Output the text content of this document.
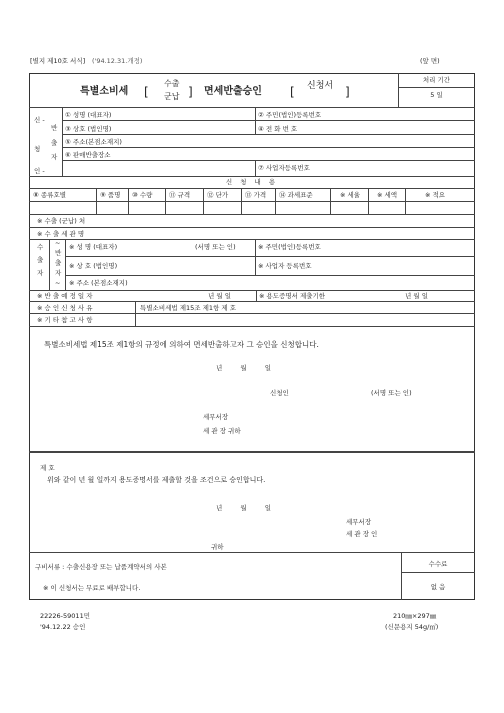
[별지 제10호 서식] ('94.12.31.개정)	(앞 면)
특별소비세 [
수출
군납 ] 면세반출승인 [ 신청서 ]
처리 기간
5 일
신 -
청
인 -
반
출
자
① 성명 (대표자)	② 주민(법인)등록번호
③ 상호 (법인명)	④ 전 화 번 호
⑤ 주소(본점소재지)
⑥ 판매반출장소
⑦ 사업자등록번호
신 청 내 용
⑧ 종류호별	⑨ 품명 ⑩ 수량	⑪ 규격	⑫ 단가	⑬ 가격 ⑭ 과세표준	※ 세율	※ 세액	※ 적요
※ 수출 (군납) 처
※ 수 출 세 관 명
수
출
자
~
반
출
자
~
※ 성 명 (대표자)	(서명 또는 인)	※ 주민(법인)등록번호
※ 상 호 (법인명)	※ 사업자 등록번호
※ 주소 (본점소재지)
※ 반 출 예 정 일 자	년 월 일	※ 용도증명서 제출기한	년 월 일
※ 승 인 신 청 사 유	특별소비세법 제15조 제1항 제 호
※ 기 타 참 고 사 항
특별소비세법 제15조 제1항의 규정에 의하여 면세반출하고자 그 승인을 신청합니다.
년 월 일
신청인	(서명 또는 인)
세무서장
세 관 장 귀하
제 호
위와 같이 년 월 일까지 용도증명서를 제출할 것을 조건으로 승인합니다.
년 월 일
세무서장
세 관 장 인
귀하
구비서류 : 수출신용장 또는 납품계약서의 사본
※ 이 신청서는 무료로 배부합니다.
수수료
없 음
22226-59011민
'94.12.22 승인
210㎜×297㎜
(신문용지 54g/㎡)
